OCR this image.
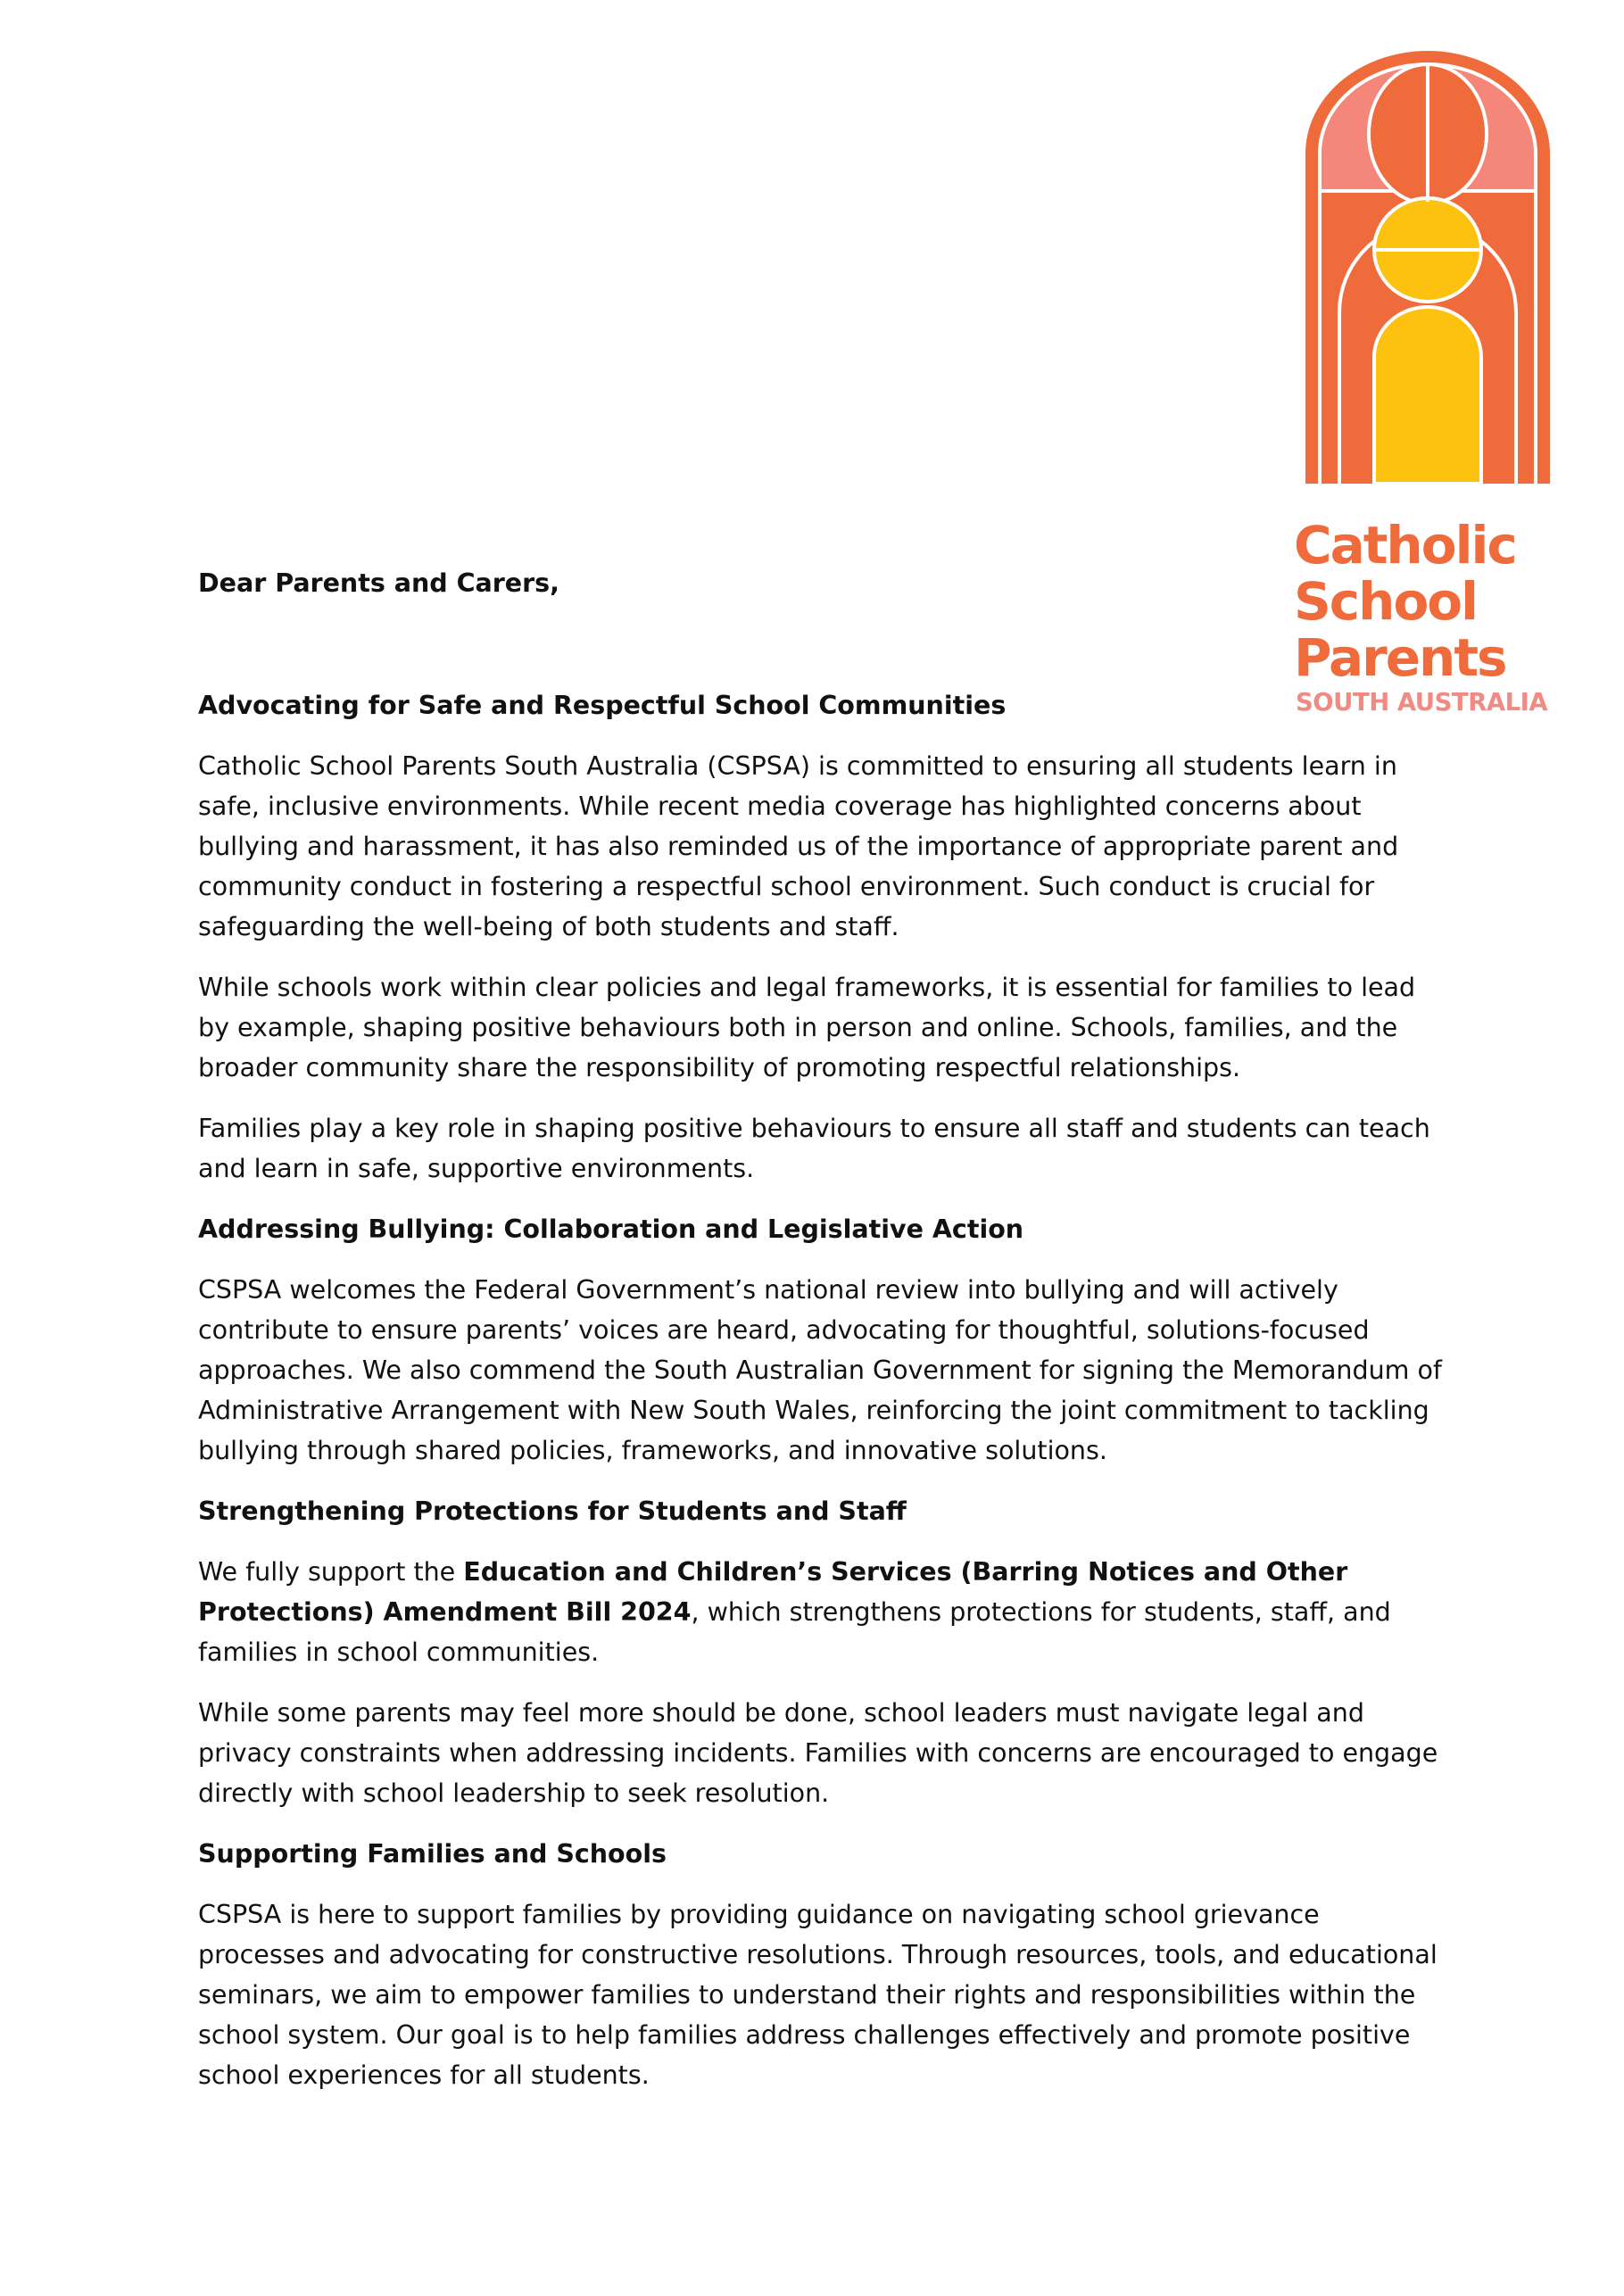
Catholic
School
Parents
SOUTH AUSTRALIA
Dear Parents and Carers,
Advocating for Safe and Respectful School Communities

Catholic School Parents South Australia (CSPSA) is committed to ensuring all students learn in safe, inclusive environments. While recent media coverage has highlighted concerns about bullying and harassment, it has also reminded us of the importance of appropriate parent and community conduct in fostering a respectful school environment. Such conduct is crucial for safeguarding the well-being of both students and staff.

While schools work within clear policies and legal frameworks, it is essential for families to lead by example, shaping positive behaviours both in person and online. Schools, families, and the broader community share the responsibility of promoting respectful relationships.

Families play a key role in shaping positive behaviours to ensure all staff and students can teach and learn in safe, supportive environments.

Addressing Bullying: Collaboration and Legislative Action

CSPSA welcomes the Federal Government’s national review into bullying and will actively contribute to ensure parents’ voices are heard, advocating for thoughtful, solutions-focused approaches. We also commend the South Australian Government for signing the Memorandum of Administrative Arrangement with New South Wales, reinforcing the joint commitment to tackling bullying through shared policies, frameworks, and innovative solutions.

Strengthening Protections for Students and Staff

We fully support the Education and Children’s Services (Barring Notices and Other Protections) Amendment Bill 2024, which strengthens protections for students, staff, and families in school communities.

While some parents may feel more should be done, school leaders must navigate legal and privacy constraints when addressing incidents. Families with concerns are encouraged to engage directly with school leadership to seek resolution.

Supporting Families and Schools

CSPSA is here to support families by providing guidance on navigating school grievance processes and advocating for constructive resolutions. Through resources, tools, and educational seminars, we aim to empower families to understand their rights and responsibilities within the school system. Our goal is to help families address challenges effectively and promote positive school experiences for all students.
